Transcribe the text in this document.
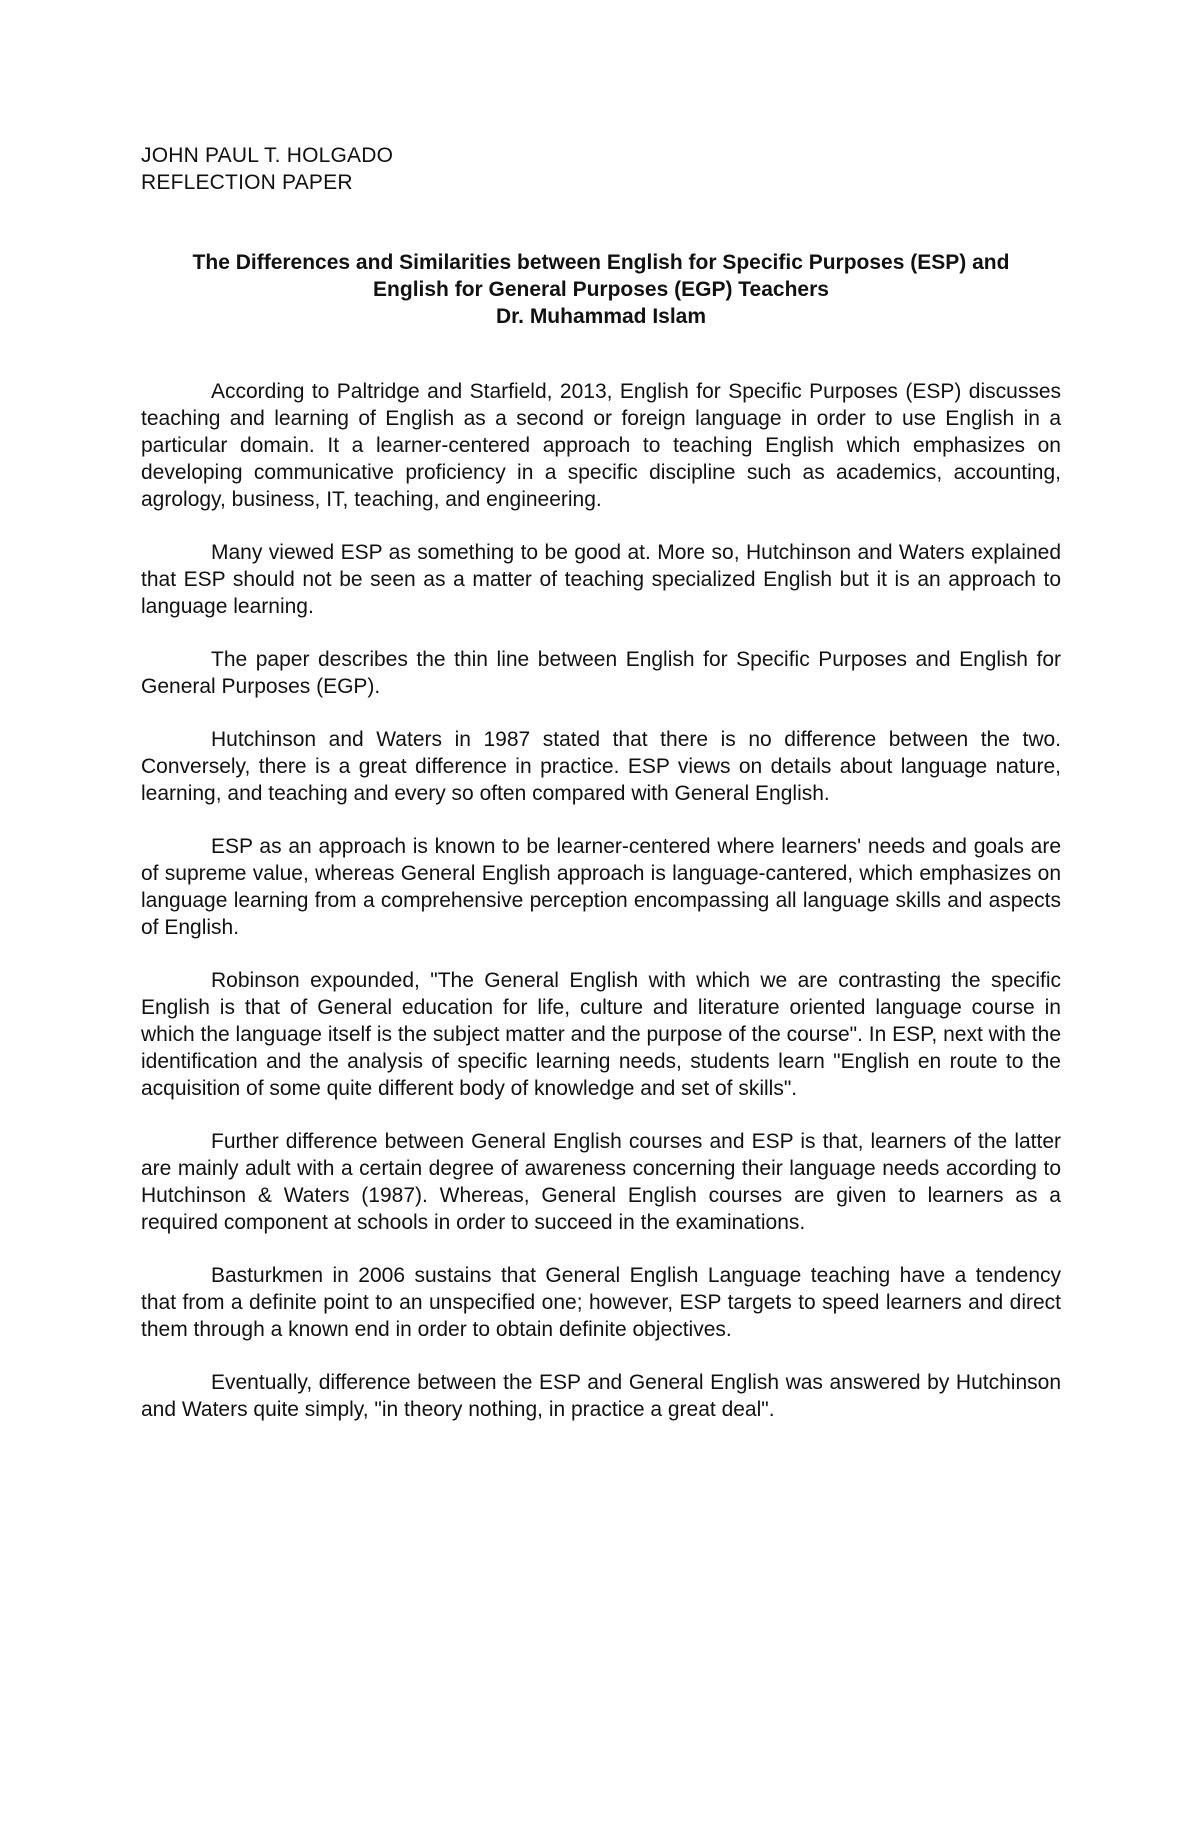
JOHN PAUL T. HOLGADO
REFLECTION PAPER
The Differences and Similarities between English for Specific Purposes (ESP) and
English for General Purposes (EGP) Teachers
Dr. Muhammad Islam

According to Paltridge and Starfield, 2013, English for Specific Purposes (ESP) discusses teaching and learning of English as a second or foreign language in order to use English in a particular domain. It a learner-centered approach to teaching English which emphasizes on developing communicative proficiency in a specific discipline such as academics, accounting, agrology, business, IT, teaching, and engineering.

Many viewed ESP as something to be good at. More so, Hutchinson and Waters explained that ESP should not be seen as a matter of teaching specialized English but it is an approach to language learning.

The paper describes the thin line between English for Specific Purposes and English for General Purposes (EGP).

Hutchinson and Waters in 1987 stated that there is no difference between the two. Conversely, there is a great difference in practice. ESP views on details about language nature, learning, and teaching and every so often compared with General English.

ESP as an approach is known to be learner-centered where learners' needs and goals are of supreme value, whereas General English approach is language-cantered, which emphasizes on language learning from a comprehensive perception encompassing all language skills and aspects of English.

Robinson expounded, "The General English with which we are contrasting the specific English is that of General education for life, culture and literature oriented language course in which the language itself is the subject matter and the purpose of the course". In ESP, next with the identification and the analysis of specific learning needs, students learn "English en route to the acquisition of some quite different body of knowledge and set of skills".

Further difference between General English courses and ESP is that, learners of the latter are mainly adult with a certain degree of awareness concerning their language needs according to Hutchinson & Waters (1987). Whereas, General English courses are given to learners as a required component at schools in order to succeed in the examinations.

Basturkmen in 2006 sustains that General English Language teaching have a tendency that from a definite point to an unspecified one; however, ESP targets to speed learners and direct them through a known end in order to obtain definite objectives.

Eventually, difference between the ESP and General English was answered by Hutchinson and Waters quite simply, "in theory nothing, in practice a great deal".
